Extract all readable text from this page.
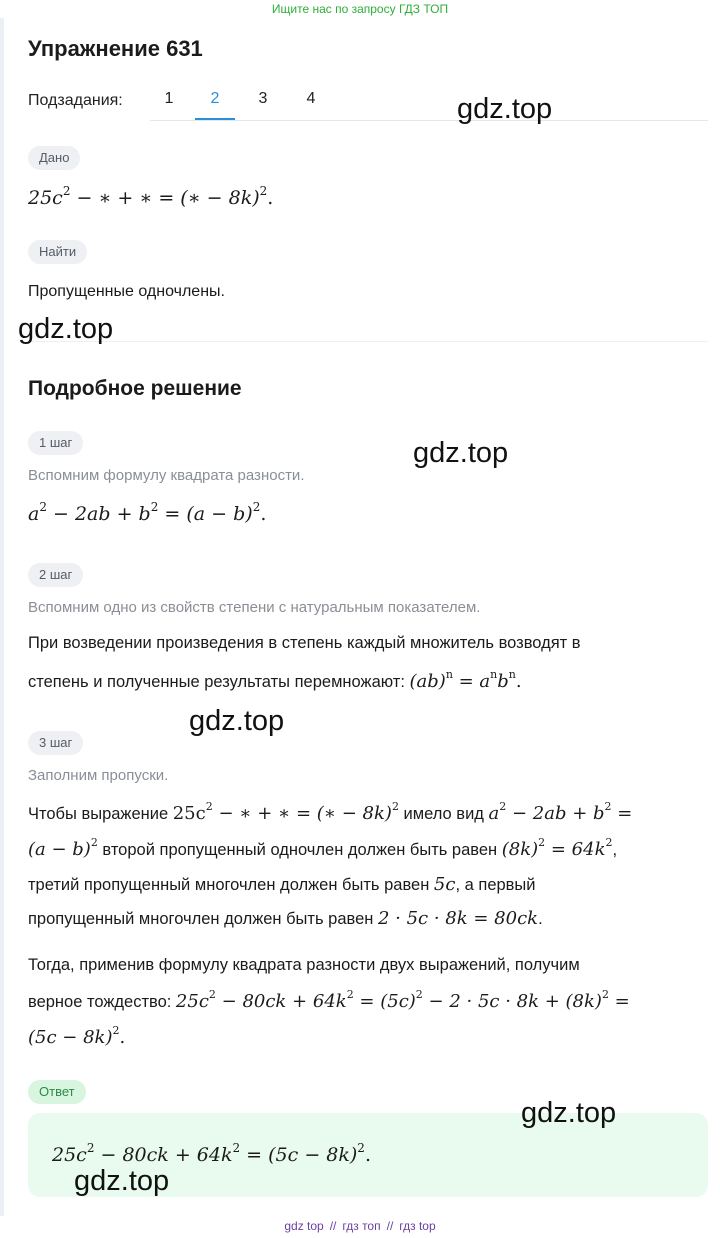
Ищите нас по запросу ГДЗ ТОП
Упражнение 631
Подзадания:	1	2	3	4
Дано
$25c^2$ − ∗ + ∗ = (∗ − 8k)$^2$.
Найти
Пропущенные одночлены.
Подробное решение
1 шаг
Вспомним формулу квадрата разности.
$a^2 - 2ab + b^2 = (a - b)^2$.
2 шаг
Вспомним одно из свойств степени с натуральным показателем.
При возведении произведения в степень каждый множитель возводят в
степень и полученные результаты перемножают: $(ab)^n = a^nb^n$.
3 шаг
Заполним пропуски.
Чтобы выражение $25c^2$ − ∗ + ∗ = (∗ − 8k)$^2$ имело вид $a^2 - 2ab + b^2$ =
$(a - b)^2$ второй пропущенный одночлен должен быть равен $(8k)^2 = 64k^2$,
третий пропущенный многочлен должен быть равен 5c, а первый
пропущенный многочлен должен быть равен 2 · 5c · 8k = 80ck.
Тогда, применив формулу квадрата разности двух выражений, получим
верное тождество: $25c^2 - 80ck + 64k^2 = (5c)^2 - 2 \cdot 5c \cdot 8k + (8k)^2$ =
$(5c - 8k)^2$.
Ответ
$25c^2 - 80ck + 64k^2 = (5c - 8k)^2$.
gdz.top
gdz.top
gdz.top
gdz.top
gdz.top
gdz.top
gdz top // гдз топ // гдз top
